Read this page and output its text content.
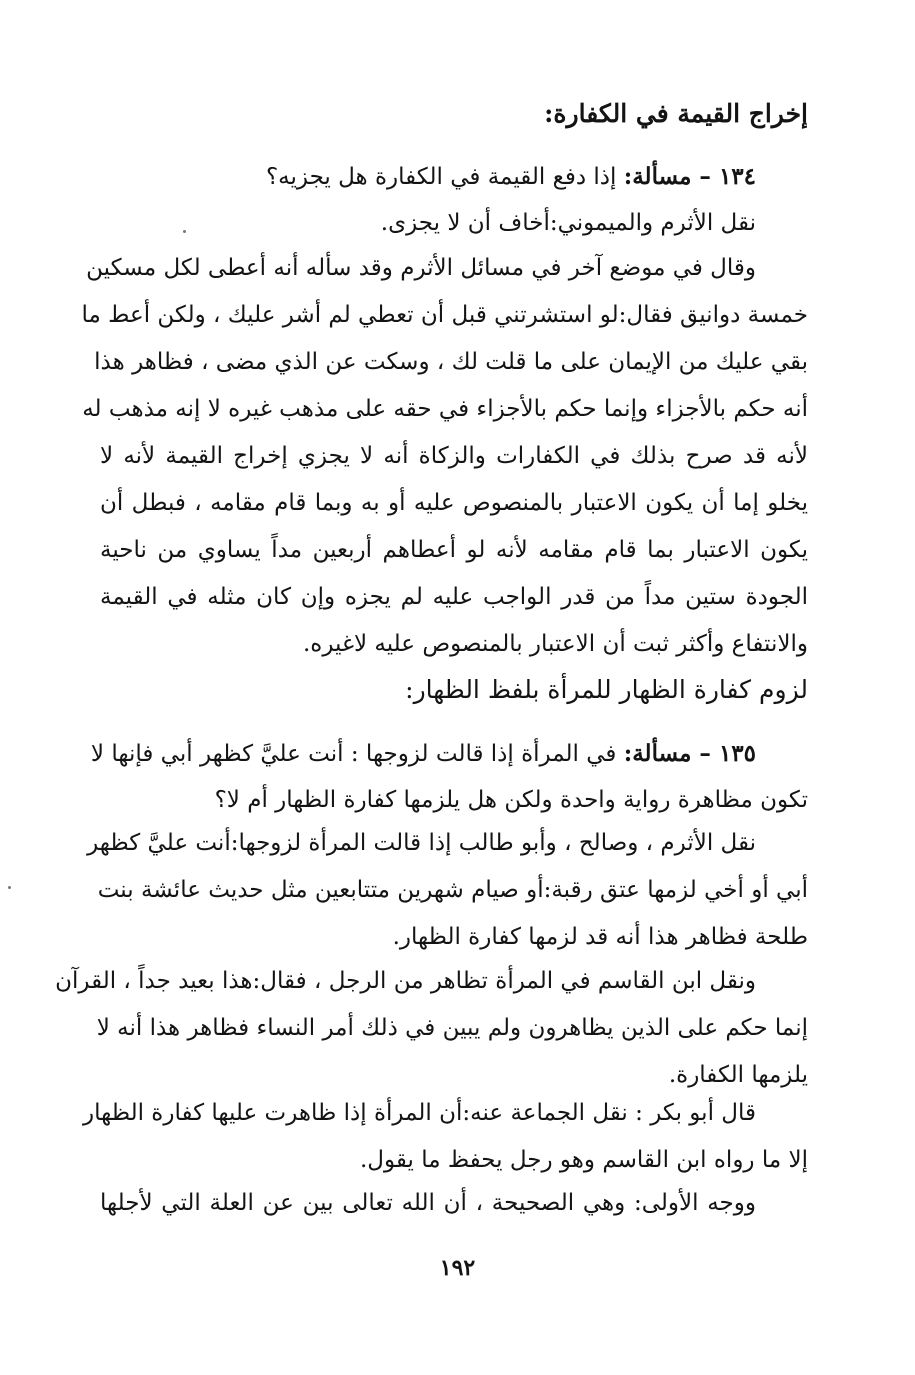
إخراج القيمة في الكفارة:
١٣٤ – مسألة: إذا دفع القيمة في الكفارة هل يجزيه؟
نقل الأثرم والميموني:أخاف أن لا يجزى.
وقال في موضع آخر في مسائل الأثرم وقد سأله أنه أعطى لكل مسكين
خمسة دوانيق فقال:لو استشرتني قبل أن تعطي لم أشر عليك ، ولكن أعط ما
بقي عليك من الإيمان على ما قلت لك ، وسكت عن الذي مضى ، فظاهر هذا
أنه حكم بالأجزاء وإنما حكم بالأجزاء في حقه على مذهب غيره لا إنه مذهب له
لأنه قد صرح بذلك في الكفارات والزكاة أنه لا يجزي إخراج القيمة لأنه لا
يخلو إما أن يكون الاعتبار بالمنصوص عليه أو به وبما قام مقامه ، فبطل أن
يكون الاعتبار بما قام مقامه لأنه لو أعطاهم أربعين مداً يساوي من ناحية
الجودة ستين مداً من قدر الواجب عليه لم يجزه وإن كان مثله في القيمة
والانتفاع وأكثر ثبت أن الاعتبار بالمنصوص عليه لاغيره.
لزوم كفارة الظهار للمرأة بلفظ الظهار:
١٣٥ – مسألة: في المرأة إذا قالت لزوجها : أنت عليَّ كظهر أبي فإنها لا
تكون مظاهرة رواية واحدة ولكن هل يلزمها كفارة الظهار أم لا؟
نقل الأثرم ، وصالح ، وأبو طالب إذا قالت المرأة لزوجها:أنت عليَّ كظهر
أبي أو أخي لزمها عتق رقبة:أو صيام شهرين متتابعين مثل حديث عائشة بنت
طلحة فظاهر هذا أنه قد لزمها كفارة الظهار.
ونقل ابن القاسم في المرأة تظاهر من الرجل ، فقال:هذا بعيد جداً ، القرآن
إنما حكم على الذين يظاهرون ولم يبين في ذلك أمر النساء فظاهر هذا أنه لا
يلزمها الكفارة.
قال أبو بكر : نقل الجماعة عنه:أن المرأة إذا ظاهرت عليها كفارة الظهار
إلا ما رواه ابن القاسم وهو رجل يحفظ ما يقول.
ووجه الأولى: وهي الصحيحة ، أن الله تعالى بين عن العلة التي لأجلها
١٩٢
